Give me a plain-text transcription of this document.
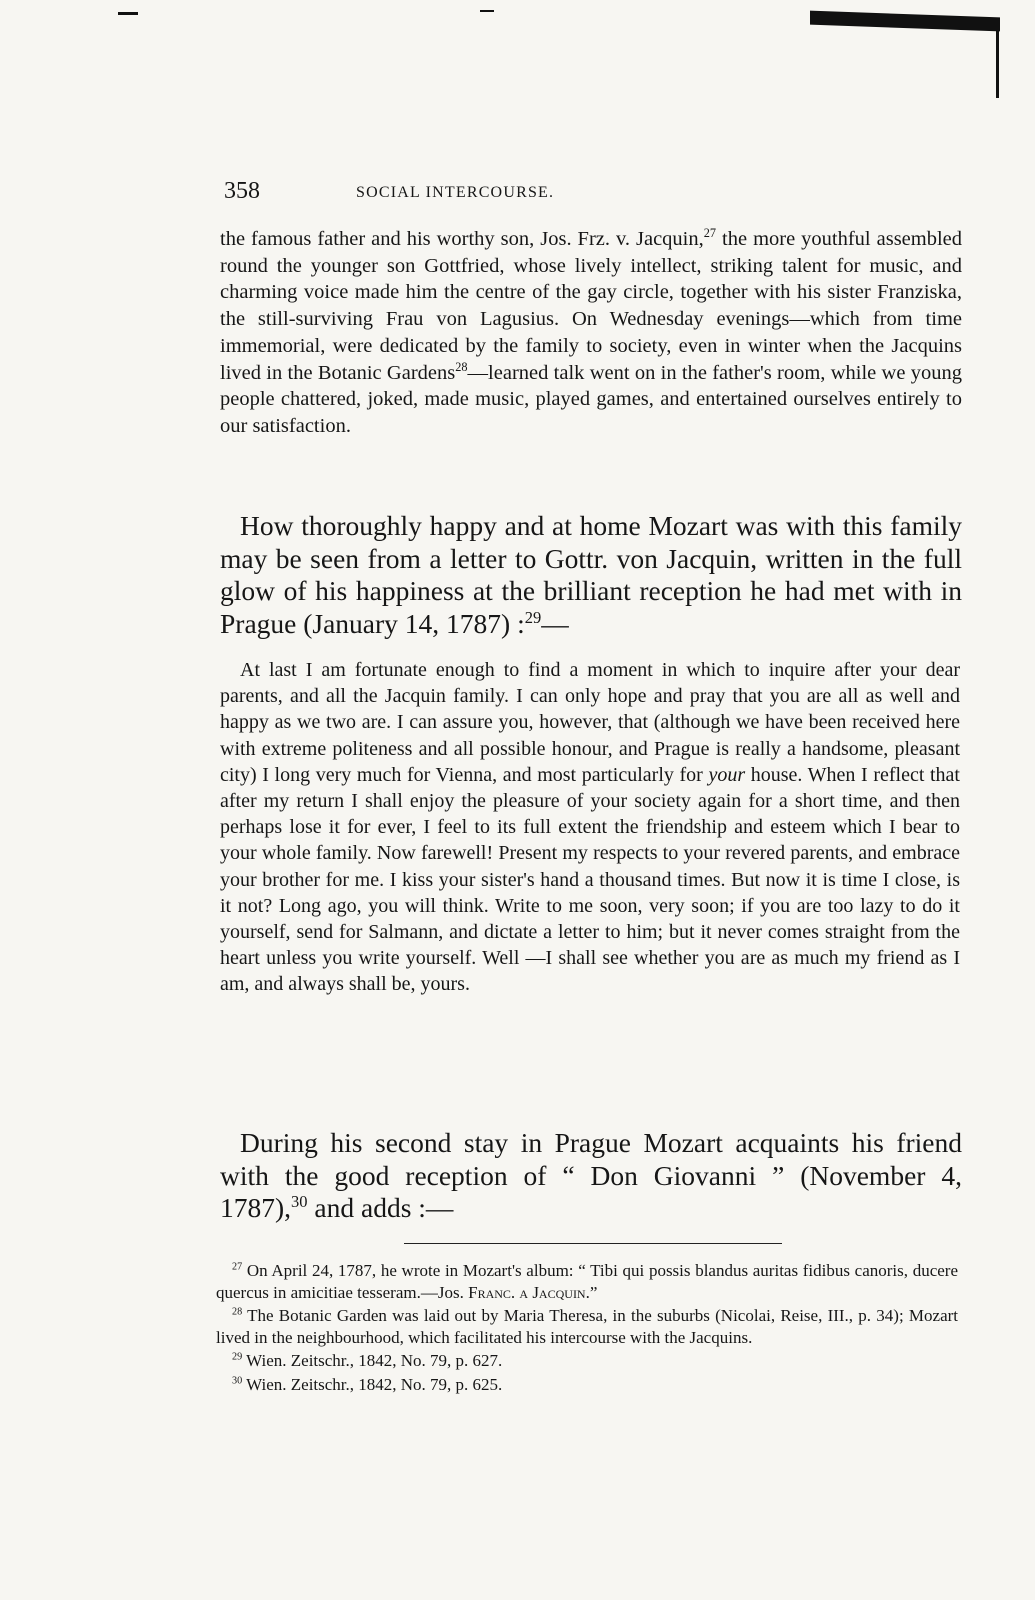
358	SOCIAL INTERCOURSE.

the famous father and his worthy son, Jos. Frz. v. Jacquin,$^{27}$ the more youthful assembled round the younger son Gottfried, whose lively intellect, striking talent for music, and charming voice made him the centre of the gay circle, together with his sister Franziska, the still-surviving Frau von Lagusius. On Wednesday evenings—which from time immemorial, were dedicated by the family to society, even in winter when the Jacquins lived in the Botanic Gardens$^{28}$—learned talk went on in the father's room, while we young people chattered, joked, made music, played games, and entertained ourselves entirely to our satisfaction.

How thoroughly happy and at home Mozart was with this family may be seen from a letter to Gottr. von Jacquin, written in the full glow of his happiness at the brilliant reception he had met with in Prague (January 14, 1787) :$^{29}$—

At last I am fortunate enough to find a moment in which to inquire after your dear parents, and all the Jacquin family. I can only hope and pray that you are all as well and happy as we two are. I can assure you, however, that (although we have been received here with extreme politeness and all possible honour, and Prague is really a handsome, pleasant city) I long very much for Vienna, and most particularly for your house. When I reflect that after my return I shall enjoy the pleasure of your society again for a short time, and then perhaps lose it for ever, I feel to its full extent the friendship and esteem which I bear to your whole family. Now farewell! Present my respects to your revered parents, and embrace your brother for me. I kiss your sister's hand a thousand times. But now it is time I close, is it not? Long ago, you will think. Write to me soon, very soon; if you are too lazy to do it yourself, send for Salmann, and dictate a letter to him; but it never comes straight from the heart unless you write yourself. Well —I shall see whether you are as much my friend as I am, and always shall be, yours.

During his second stay in Prague Mozart acquaints his friend with the good reception of “ Don Giovanni ” (November 4, 1787),$^{30}$ and adds :—

$^{27}$ On April 24, 1787, he wrote in Mozart's album: “ Tibi qui possis blandus auritas fidibus canoris, ducere quercus in amicitiae tesseram.—Jos. Franc. a Jacquin.”

$^{28}$ The Botanic Garden was laid out by Maria Theresa, in the suburbs (Nicolai, Reise, III., p. 34); Mozart lived in the neighbourhood, which facilitated his intercourse with the Jacquins.

$^{29}$ Wien. Zeitschr., 1842, No. 79, p. 627.

$^{30}$ Wien. Zeitschr., 1842, No. 79, p. 625.
